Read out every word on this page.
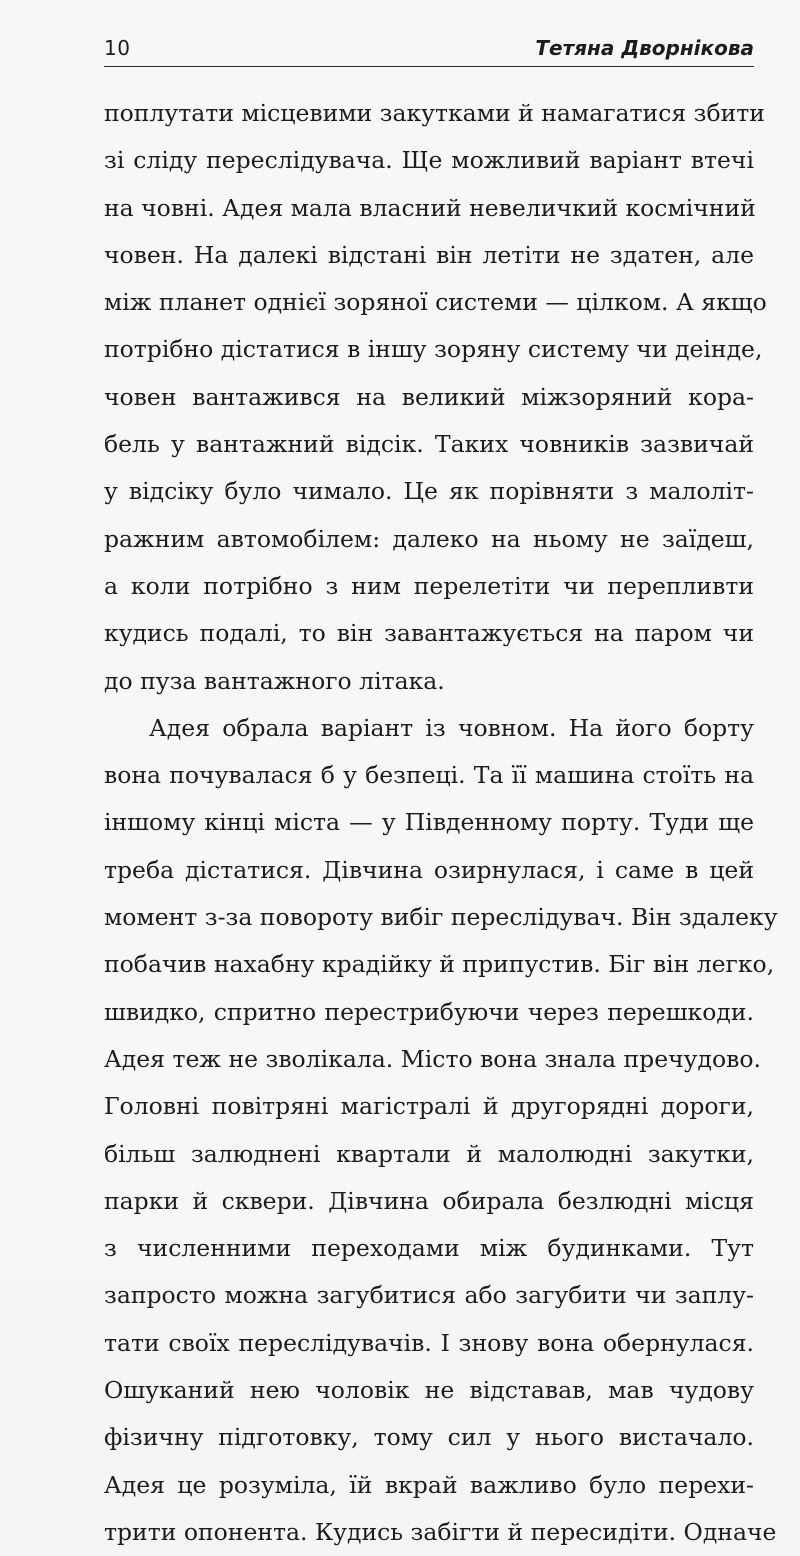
10	Тетяна Дворнікова
поплутати місцевими закутками й намагатися збити
зі сліду переслідувача. Ще можливий варіант втечі
на човні. Адея мала власний невеличкий космічний
човен. На далекі відстані він летіти не здатен, але
між планет однієї зоряної системи — цілком. А якщо
потрібно дістатися в іншу зоряну систему чи деінде,
човен вантажився на великий міжзоряний кора-
бель у вантажний відсік. Таких човників зазвичай
у відсіку було чимало. Це як порівняти з малоліт-
ражним автомобілем: далеко на ньому не заїдеш,
а коли потрібно з ним перелетіти чи перепливти
кудись подалі, то він завантажується на паром чи
до пуза вантажного літака.
Адея обрала варіант із човном. На його борту
вона почувалася б у безпеці. Та її машина стоїть на
іншому кінці міста — у Південному порту. Туди ще
треба дістатися. Дівчина озирнулася, і саме в цей
момент з-за повороту вибіг переслідувач. Він здалеку
побачив нахабну крадійку й припустив. Біг він легко,
швидко, спритно перестрибуючи через перешкоди.
Адея теж не зволікала. Місто вона знала пречудово.
Головні повітряні магістралі й другорядні дороги,
більш залюднені квартали й малолюдні закутки,
парки й сквери. Дівчина обирала безлюдні місця
з численними переходами між будинками. Тут
запросто можна загубитися або загубити чи заплу-
тати своїх переслідувачів. І знову вона обернулася.
Ошуканий нею чоловік не відставав, мав чудову
фізичну підготовку, тому сил у нього вистачало.
Адея це розуміла, їй вкрай важливо було перехи-
трити опонента. Кудись забігти й пересидіти. Одначе
